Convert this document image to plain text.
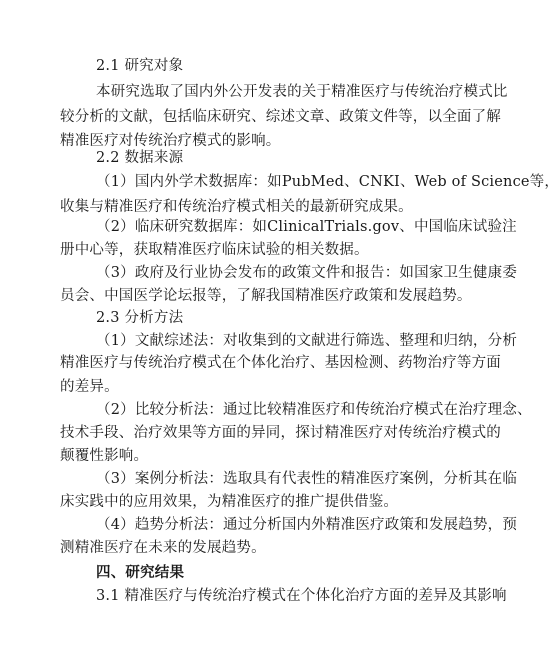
2.1 研究对象
本研究选取了国内外公开发表的关于精准医疗与传统治疗模式比
较分析的文献，包括临床研究、综述文章、政策文件等，以全面了解
精准医疗对传统治疗模式的影响。
2.2 数据来源
（1）国内外学术数据库：如PubMed、CNKI、Web of Science等，
收集与精准医疗和传统治疗模式相关的最新研究成果。
（2）临床研究数据库：如ClinicalTrials.gov、中国临床试验注
册中心等，获取精准医疗临床试验的相关数据。
（3）政府及行业协会发布的政策文件和报告：如国家卫生健康委
员会、中国医学论坛报等，了解我国精准医疗政策和发展趋势。
2.3 分析方法
（1）文献综述法：对收集到的文献进行筛选、整理和归纳，分析
精准医疗与传统治疗模式在个体化治疗、基因检测、药物治疗等方面
的差异。
（2）比较分析法：通过比较精准医疗和传统治疗模式在治疗理念、
技术手段、治疗效果等方面的异同，探讨精准医疗对传统治疗模式的
颠覆性影响。
（3）案例分析法：选取具有代表性的精准医疗案例，分析其在临
床实践中的应用效果，为精准医疗的推广提供借鉴。
（4）趋势分析法：通过分析国内外精准医疗政策和发展趋势，预
测精准医疗在未来的发展趋势。
四、研究结果
3.1 精准医疗与传统治疗模式在个体化治疗方面的差异及其影响
